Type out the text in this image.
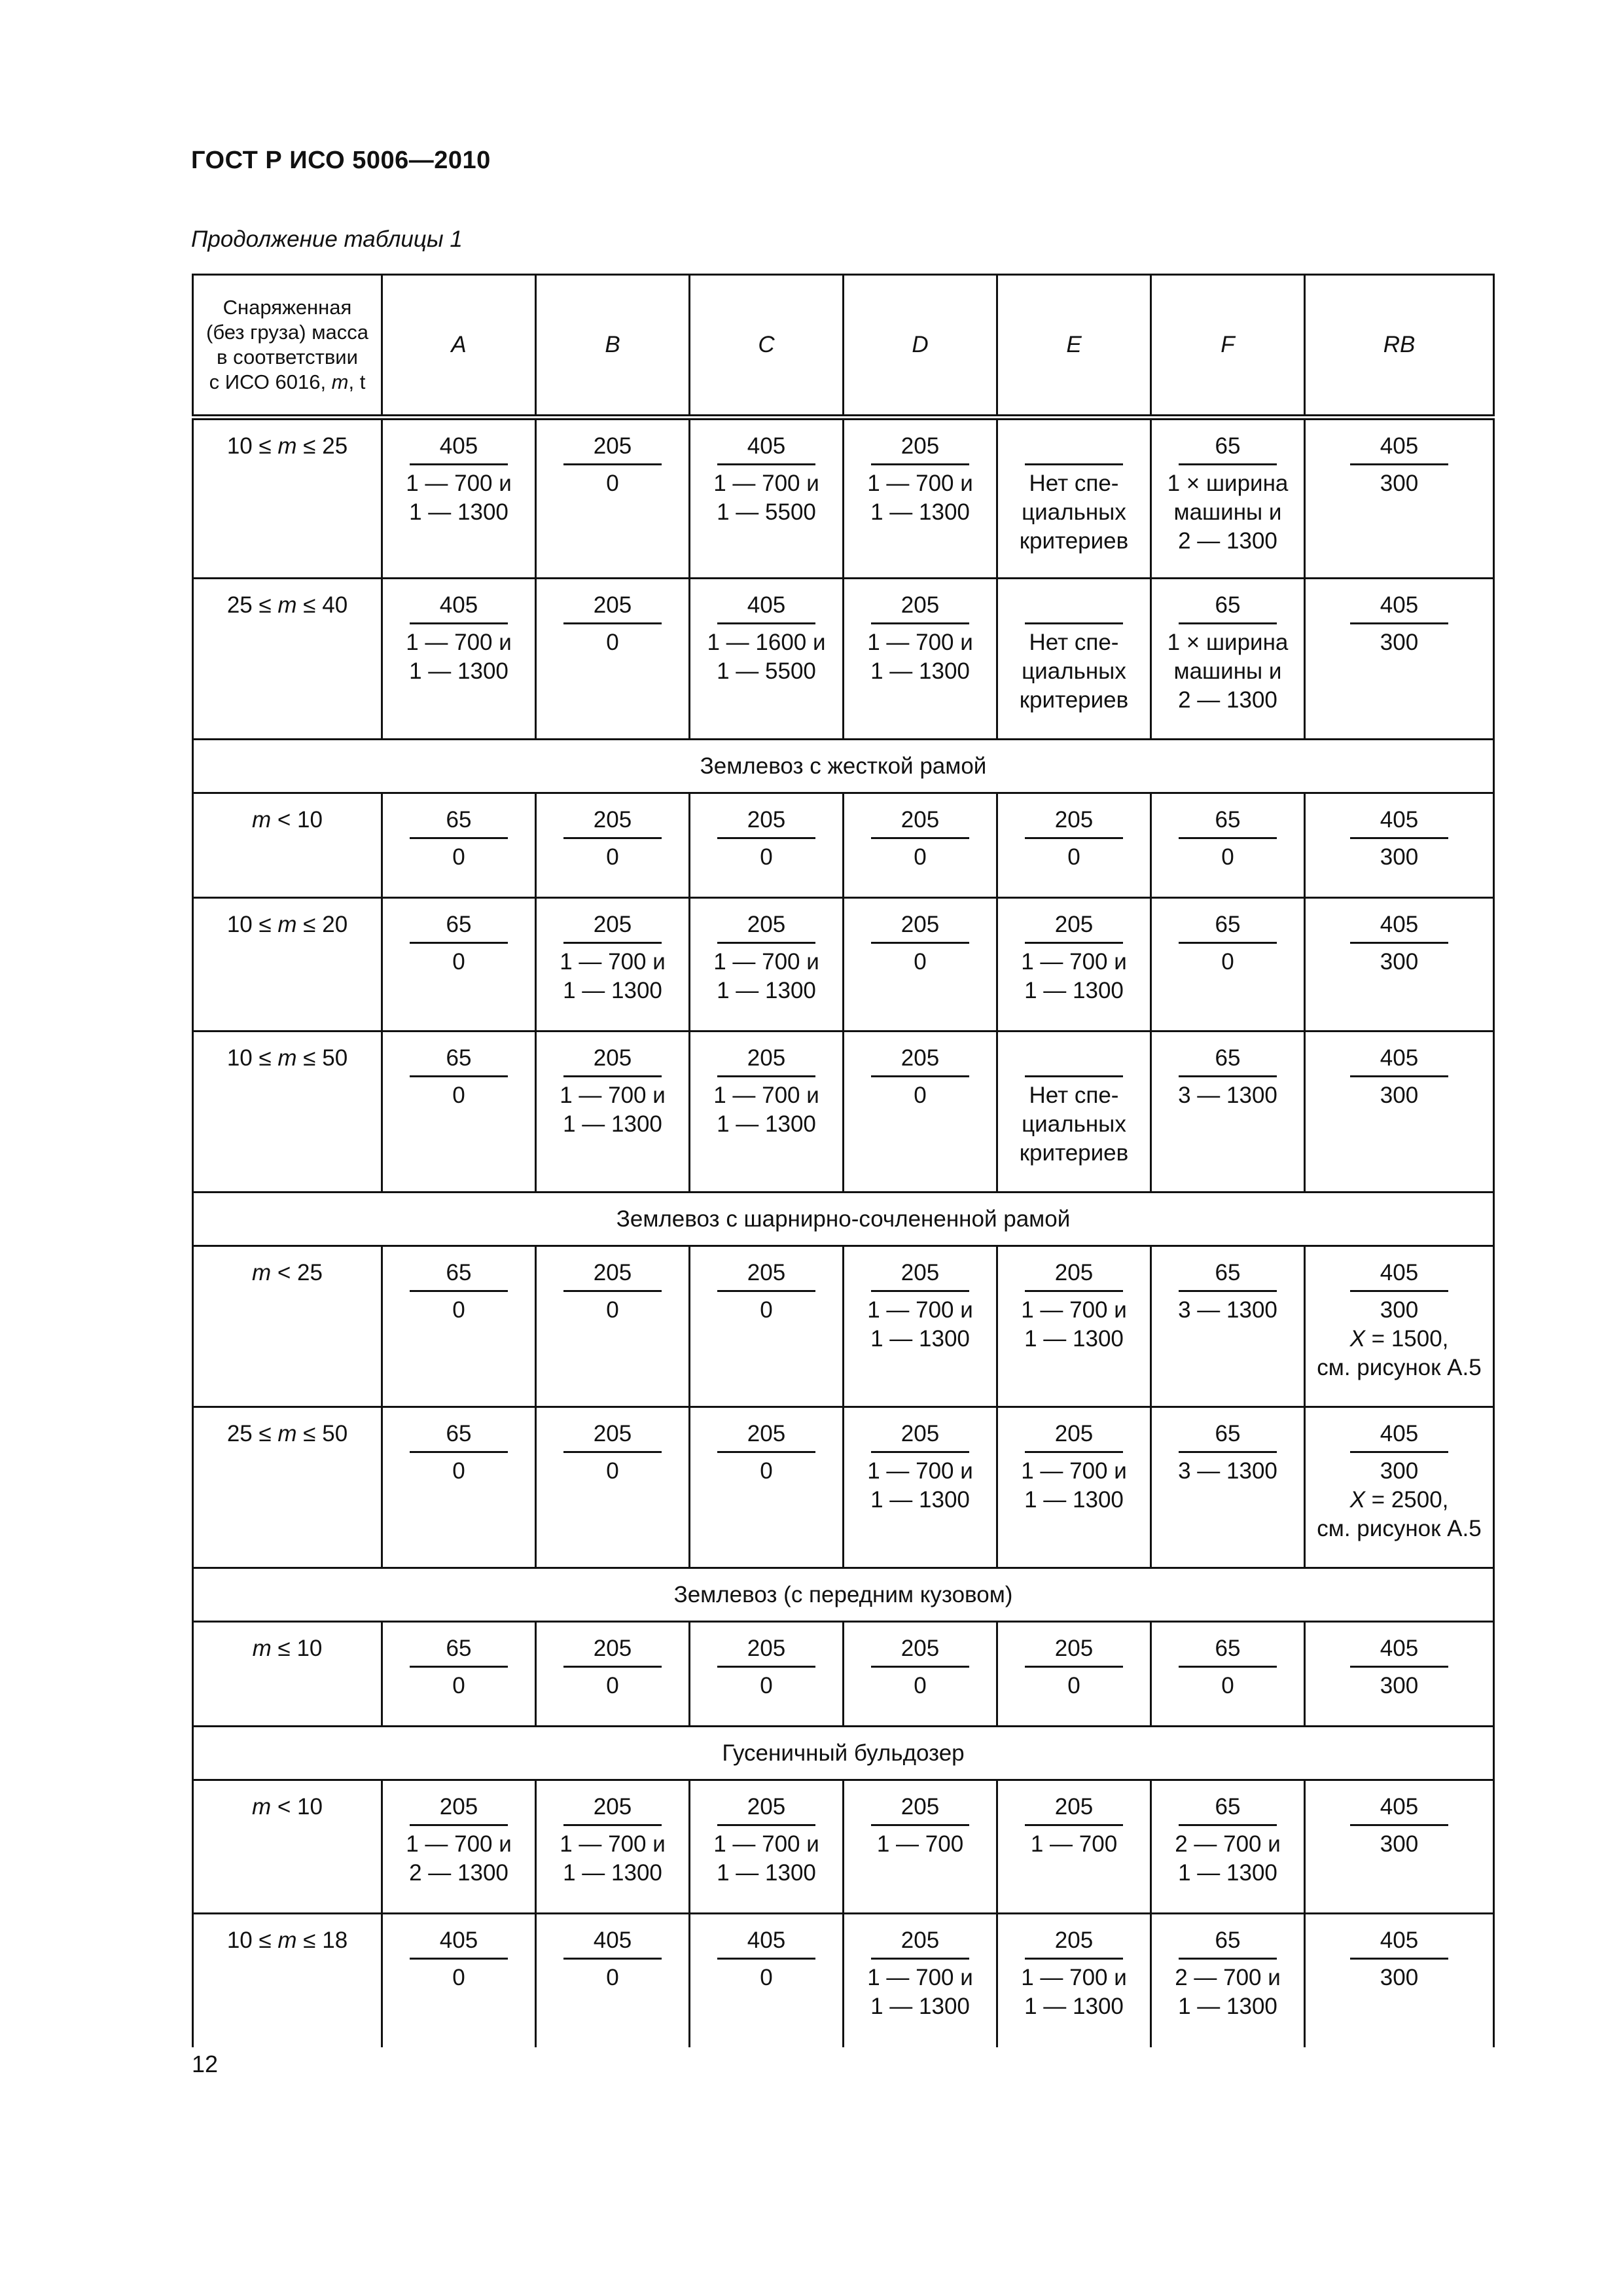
ГОСТ Р ИСО 5006—2010
Продолжение таблицы 1
Снаряженная
(без груза) масса
в соответствии
с ИСО 6016, m, t	A	B	C	D	E	F	RB
10 ≤ m ≤ 25	405
1 — 700 и
1 — 1300	$\frac{205}{0}$	405
1 — 700 и
1 — 5500	205
1 — 700 и
1 — 1300	Нет спе-
циальных
критериев	65
1 × ширина
машины и
2 — 1300	$\frac{405}{300}$

25 ≤ m ≤ 40	405
1 — 700 и
1 — 1300	$\frac{205}{0}$	405
1 — 1600 и
1 — 5500	205
1 — 700 и
1 — 1300	Нет спе-
циальных
критериев	65
1 × ширина
машины и
2 — 1300	$\frac{405}{300}$

Землевоз с жесткой рамой							
m < 10	$\frac{65}{0}$	$\frac{205}{0}$	$\frac{205}{0}$	$\frac{205}{0}$	$\frac{205}{0}$	$\frac{65}{0}$	$\frac{405}{300}$

10 ≤ m ≤ 20	$\frac{65}{0}$	205
1 — 700 и
1 — 1300	205
1 — 700 и
1 — 1300	$\frac{205}{0}$	205
1 — 700 и
1 — 1300	$\frac{65}{0}$	$\frac{405}{300}$

10 ≤ m ≤ 50	$\frac{65}{0}$	205
1 — 700 и
1 — 1300	205
1 — 700 и
1 — 1300	$\frac{205}{0}$	Нет спе-
циальных
критериев	$\frac{65}{3 — 1300}$	$\frac{405}{300}$

Землевоз с шарнирно-сочлененной рамой							
m < 25	$\frac{65}{0}$	$\frac{205}{0}$	$\frac{205}{0}$	205
1 — 700 и
1 — 1300	205
1 — 700 и
1 — 1300	$\frac{65}{3 — 1300}$	405
300
X = 1500,
см. рисунок А.5

25 ≤ m ≤ 50	$\frac{65}{0}$	$\frac{205}{0}$	$\frac{205}{0}$	205
1 — 700 и
1 — 1300	205
1 — 700 и
1 — 1300	$\frac{65}{3 — 1300}$	405
300
X = 2500,
см. рисунок А.5

Землевоз (с передним кузовом)							
m ≤ 10	$\frac{65}{0}$	$\frac{205}{0}$	$\frac{205}{0}$	$\frac{205}{0}$	$\frac{205}{0}$	$\frac{65}{0}$	$\frac{405}{300}$

Гусеничный бульдозер							
m < 10	205
1 — 700 и
2 — 1300	205
1 — 700 и
1 — 1300	205
1 — 700 и
1 — 1300	$\frac{205}{1 — 700}$	$\frac{205}{1 — 700}$	65
2 — 700 и
1 — 1300	$\frac{405}{300}$

10 ≤ m ≤ 18	$\frac{405}{0}$	$\frac{405}{0}$	$\frac{405}{0}$	205
1 — 700 и
1 — 1300	205
1 — 700 и
1 — 1300	65
2 — 700 и
1 — 1300	$\frac{405}{300}$
12
